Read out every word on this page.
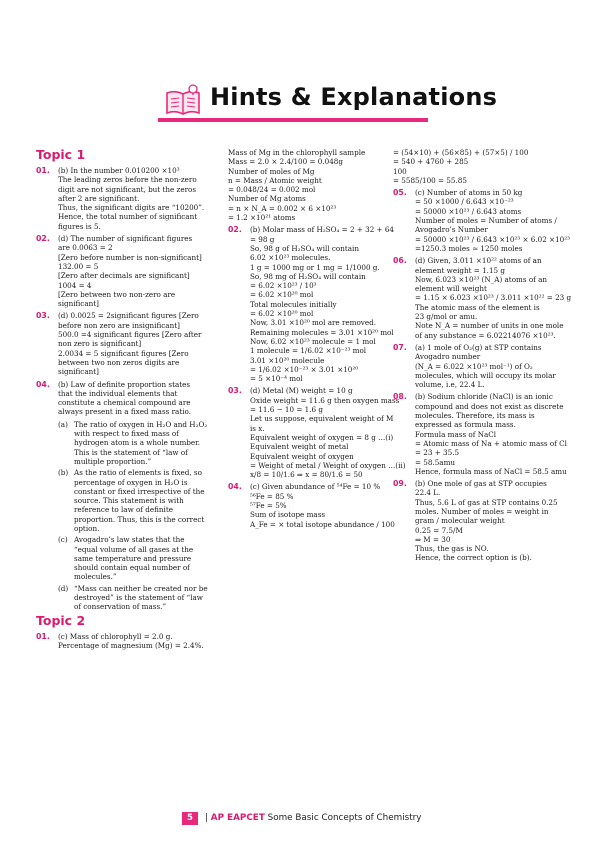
Hints & Explanations
Topic 1
01.	(b) In the number 0.010200 ×10³
The leading zeros before the non-zero
digit are not significant, but the zeros
after 2 are significant.
Thus, the significant digits are “10200”.
Hence, the total number of significant
figures is 5.
02.	(d) The number of significant figures
are 0.0063 = 2
[Zero before number is non-significant]
132.00 = 5
[Zero after decimals are significant]
1004 = 4
[Zero between two non-zero are
significant]
03.	(d) 0.0025 = 2significant figures [Zero
before non zero are insignificant]
500.0 =4 significant figures [Zero after
non zero is significant]
2.0034 = 5 significant figures [Zero
between two non zeros digits are
significant]
04.	(b) Law of definite proportion states
that the individual elements that
constitute a chemical compound are
always present in a fixed mass ratio.
(a) The ratio of oxygen in H₂O and H₂O₂
with respect to fixed mass of
hydrogen atom is a whole number.
This is the statement of “law of
multiple proportion.”
(b) As the ratio of elements is fixed, so
percentage of oxygen in H₂O is
constant or fixed irrespective of the
source. This statement is with
reference to law of definite
proportion. Thus, this is the correct
option.
(c) Avogadro’s law states that the
“equal volume of all gases at the
same temperature and pressure
should contain equal number of
molecules.”
(d) “Mass can neither be created nor be
destroyed” is the statement of “law
of conservation of mass.”
Topic 2
01.	(c) Mass of chlorophyll = 2.0 g.
Percentage of magnesium (Mg) = 2.4%.
Mass of Mg in the chlorophyll sample
Mass = 2.0 × 2.4/100 = 0.048g
Number of moles of Mg
n = Mass / Atomic weight
= 0.048/24 = 0.002 mol
Number of Mg atoms
= n × N_A = 0.002 × 6 ×10²³
= 1.2 ×10²¹ atoms
02.	(b) Molar mass of H₂SO₄ = 2 + 32 + 64
= 98 g
So, 98 g of H₂SO₄ will contain
6.02 ×10²³ molecules.
1 g = 1000 mg or 1 mg = 1/1000 g.
So, 98 mg of H₂SO₄ will contain
= 6.02 ×10²³ / 10³
= 6.02 ×10²⁰ mol
Total molecules initially
= 6.02 ×10²⁰ mol
Now, 3.01 ×10²⁰ mol are removed.
Remaining molecules = 3.01 ×10²⁰ mol
Now, 6.02 ×10²³ molecule = 1 mol
1 molecule = 1/6.02 ×10⁻²³ mol
3.01 ×10²⁰ molecule
= 1/6.02 ×10⁻²³ × 3.01 ×10²⁰
= 5 ×10⁻⁴ mol
03.	(d) Metal (M) weight = 10 g
Oxide weight = 11.6 g then oxygen mass
= 11.6 − 10 = 1.6 g
Let us suppose, equivalent weight of M
is x.
Equivalent weight of oxygen = 8 g …(i)
Equivalent weight of metal
Equivalent weight of oxygen
= Weight of metal / Weight of oxygen …(ii)
x/8 = 10/1.6 ⇒ x = 80/1.6 = 50
04.	(c) Given abundance of ⁵⁴Fe = 10 %
⁵⁶Fe = 85 %
⁵⁷Fe = 5%
Sum of isotope mass
A_Fe = × total isotope abundance / 100
= (54×10) + (56×85) + (57×5) / 100
= 540 + 4760 + 285
100
= 5585/100 = 55.85
05.	(c) Number of atoms in 50 kg
= 50 ×1000 / 6.643 ×10⁻²³
= 50000 ×10²³ / 6.643 atoms
Number of moles = Number of atoms /
Avogadro’s Number
= 50000 ×10²³ / 6.643 ×10²³ × 6.02 ×10²³
=1250.3 moles ≃ 1250 moles
06.	(d) Given, 3.011 ×10²² atoms of an
element weight = 1.15 g
Now, 6.023 ×10²³ (N_A) atoms of an
element will weight
= 1.15 × 6.023 ×10²³ / 3.011 ×10²² = 23 g
The atomic mass of the element is
23 g/mol or amu.
Note N_A = number of units in one mole
of any substance = 6.02214076 ×10²³.
07.	(a) 1 mole of O₂(g) at STP contains
Avogadro number
(N_A = 6.022 ×10²³ mol⁻¹) of O₂
molecules, which will occupy its molar
volume, i.e, 22.4 L.
08.	(b) Sodium chloride (NaCl) is an ionic
compound and does not exist as discrete
molecules. Therefore, its mass is
expressed as formula mass.
Formula mass of NaCl
= Atomic mass of Na + atomic mass of Cl
= 23 + 35.5
= 58.5amu
Hence, formula mass of NaCl = 58.5 amu
09.	(b) One mole of gas at STP occupies
22.4 L.
Thus, 5.6 L of gas at STP contains 0.25
moles. Number of moles = weight in
gram / molecular weight
0.25 = 7.5/M
⇒ M = 30
Thus, the gas is NO.
Hence, the correct option is (b).
5	| AP EAPCET Some Basic Concepts of Chemistry
